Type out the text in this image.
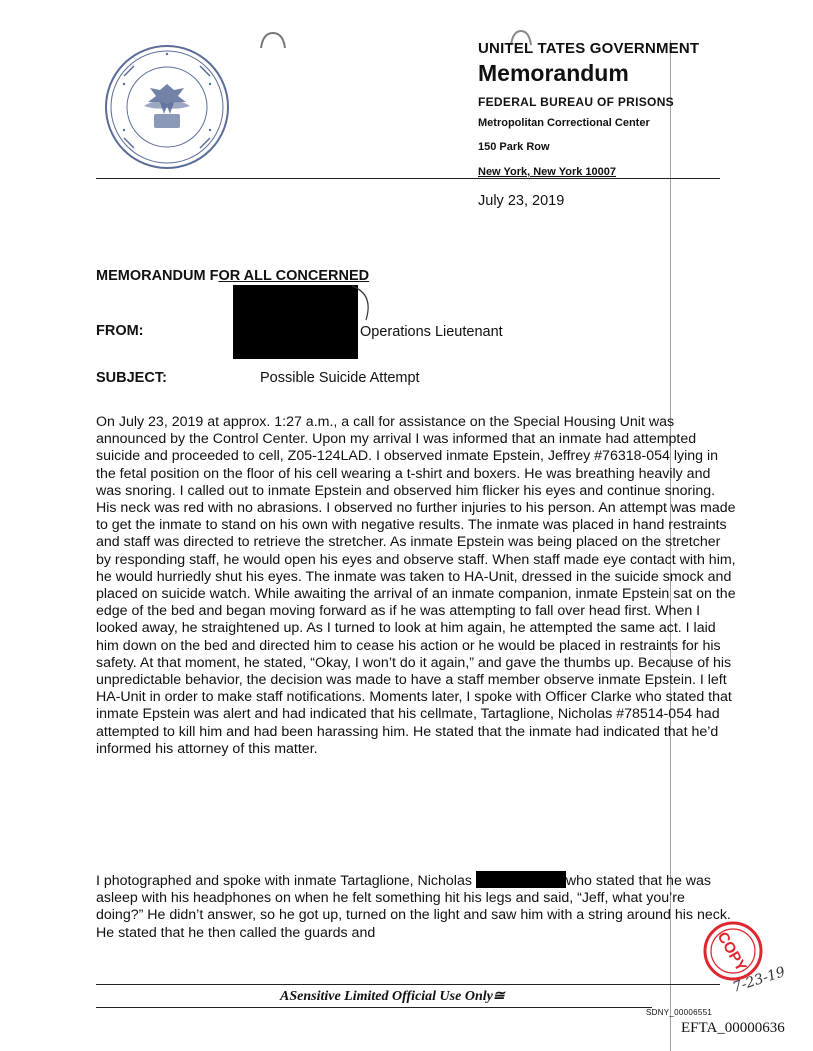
UNITEL TATES GOVERNMENT
Memorandum
FEDERAL BUREAU OF PRISONS
Metropolitan Correctional Center
150 Park Row
New York, New York 10007
July 23, 2019
MEMORANDUM FOR ALL CONCERNED
FROM:	Operations Lieutenant
SUBJECT:	Possible Suicide Attempt
On July 23, 2019 at approx. 1:27 a.m., a call for assistance on the Special Housing Unit was announced by the Control Center. Upon my arrival I was informed that an inmate had attempted suicide and proceeded to cell, Z05-124LAD. I observed inmate Epstein, Jeffrey #76318-054 lying in the fetal position on the floor of his cell wearing a t-shirt and boxers. He was breathing heavily and was snoring. I called out to inmate Epstein and observed him flicker his eyes and continue snoring. His neck was red with no abrasions. I observed no further injuries to his person. An attempt was made to get the inmate to stand on his own with negative results. The inmate was placed in hand restraints and staff was directed to retrieve the stretcher. As inmate Epstein was being placed on the stretcher by responding staff, he would open his eyes and observe staff. When staff made eye contact with him, he would hurriedly shut his eyes. The inmate was taken to HA-Unit, dressed in the suicide smock and placed on suicide watch. While awaiting the arrival of an inmate companion, inmate Epstein sat on the edge of the bed and began moving forward as if he was attempting to fall over head first. When I looked away, he straightened up. As I turned to look at him again, he attempted the same act. I laid him down on the bed and directed him to cease his action or he would be placed in restraints for his safety. At that moment, he stated, “Okay, I won’t do it again,” and gave the thumbs up. Because of his unpredictable behavior, the decision was made to have a staff member observe inmate Epstein. I left HA-Unit in order to make staff notifications. Moments later, I spoke with Officer Clarke who stated that inmate Epstein was alert and had indicated that his cellmate, Tartaglione, Nicholas #78514-054 had attempted to kill him and had been harassing him. He stated that the inmate had indicated that he’d informed his attorney of this matter.
I photographed and spoke with inmate Tartaglione, Nicholas	who stated that he was asleep with his headphones on when he felt something hit his legs and said, “Jeff, what you’re doing?” He didn’t answer, so he got up, turned on the light and saw him with a string around his neck. He stated that he then called the guards and	COPY
7-23-19
ASensitive Limited Official Use Only≅
SDNY_00006551
EFTA_00000636
